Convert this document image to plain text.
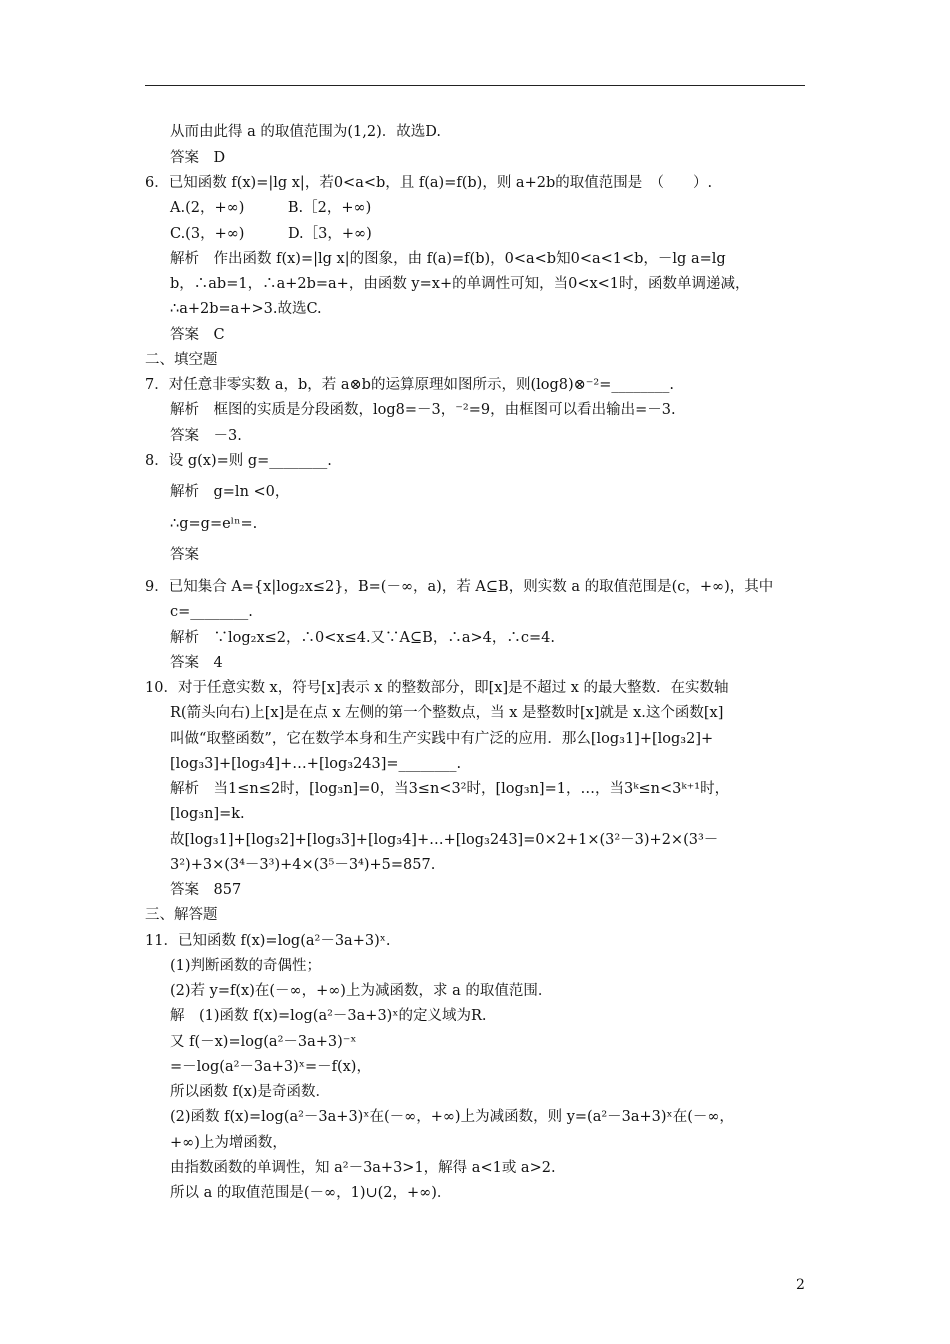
从而由此得 a 的取值范围为(1,2)．故选D.
答案　D
6．已知函数 f(x)=|lg x|，若0<a<b，且 f(a)=f(b)，则 a+2b的取值范围是　（　　）.
A.(2，+∞)　　　B.［2，+∞)
C.(3，+∞)　　　D.［3，+∞)
解析　作出函数 f(x)=|lg x|的图象，由 f(a)=f(b)，0<a<b知0<a<1<b，－lg a=lg
b，∴ab=1，∴a+2b=a+，由函数 y=x+的单调性可知，当0<x<1时，函数单调递减，
∴a+2b=a+>3.故选C.
答案　C
二、填空题
7．对任意非零实数 a，b，若 a⊗b的运算原理如图所示，则(log8)⊗⁻²=________.
解析　框图的实质是分段函数，log8=－3，⁻²=9，由框图可以看出输出=－3.
答案　－3.
8．设 g(x)=则 g=________.
解析　g=ln <0，
∴g=g=eˡⁿ=.
答案
9．已知集合 A={x|log₂x≤2}，B=(－∞，a)，若 A⊆B，则实数 a 的取值范围是(c，+∞)，其中
c=________.
解析　∵log₂x≤2，∴0<x≤4.又∵A⊆B，∴a>4，∴c=4.
答案　4
10．对于任意实数 x，符号[x]表示 x 的整数部分，即[x]是不超过 x 的最大整数．在实数轴
R(箭头向右)上[x]是在点 x 左侧的第一个整数点，当 x 是整数时[x]就是 x.这个函数[x]
叫做“取整函数”，它在数学本身和生产实践中有广泛的应用．那么[log₃1]+[log₃2]+
[log₃3]+[log₃4]+…+[log₃243]=________.
解析　当1≤n≤2时，[log₃n]=0，当3≤n<3²时，[log₃n]=1，…，当3ᵏ≤n<3ᵏ⁺¹时，
[log₃n]=k.
故[log₃1]+[log₃2]+[log₃3]+[log₃4]+…+[log₃243]=0×2+1×(3²－3)+2×(3³－
3²)+3×(3⁴－3³)+4×(3⁵－3⁴)+5=857.
答案　857
三、解答题
11．已知函数 f(x)=log(a²－3a+3)ˣ.
(1)判断函数的奇偶性；
(2)若 y=f(x)在(－∞，+∞)上为减函数，求 a 的取值范围．
解　(1)函数 f(x)=log(a²－3a+3)ˣ的定义域为R.
又 f(－x)=log(a²－3a+3)⁻ˣ
=－log(a²－3a+3)ˣ=－f(x)，
所以函数 f(x)是奇函数．
(2)函数 f(x)=log(a²－3a+3)ˣ在(－∞，+∞)上为减函数，则 y=(a²－3a+3)ˣ在(－∞，
+∞)上为增函数，
由指数函数的单调性，知 a²－3a+3>1，解得 a<1或 a>2.
所以 a 的取值范围是(－∞，1)∪(2，+∞)．
2
